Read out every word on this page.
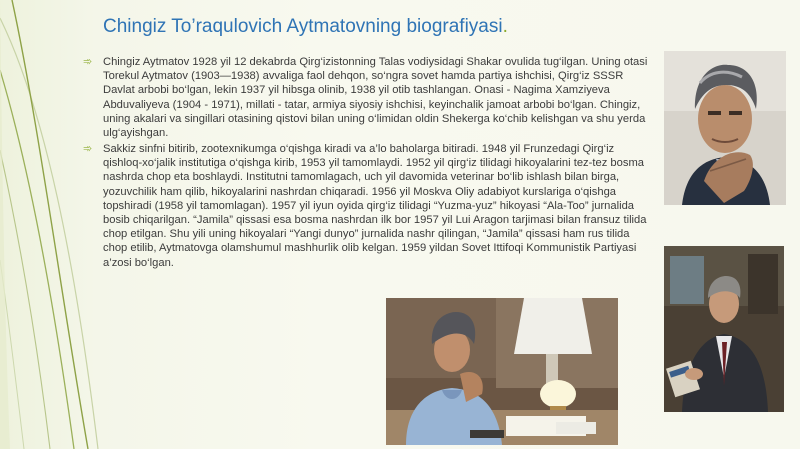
Chingiz To’raqulovich Aytmatovning biografiyasi.
➾ Chingiz Aytmatov 1928 yil 12 dekabrda Qirg‘izistonning Talas vodiysidagi Shakar ovulida tug‘ilgan. Uning otasi Torekul Aytmatov (1903—1938) avvaliga faol dehqon, so‘ngra sovet hamda partiya ishchisi, Qirg‘iz SSSR Davlat arbobi bo‘lgan, lekin 1937 yil hibsga olinib, 1938 yil otib tashlangan. Onasi - Nagima Xamziyeva Abduvaliyeva (1904 - 1971), millati - tatar, armiya siyosiy ishchisi, keyinchalik jamoat arbobi bo‘lgan. Chingiz, uning akalari va singillari otasining qistovi bilan uning o‘limidan oldin Shekerga ko‘chib kelishgan va shu yerda ulg‘ayishgan.

➾ Sakkiz sinfni bitirib, zootexnikumga o‘qishga kiradi va a’lo baholarga bitiradi. 1948 yil Frunzedagi Qirg‘iz qishloq-xo‘jalik institutiga o‘qishga kirib, 1953 yil tamomlaydi. 1952 yil qirg‘iz tilidagi hikoyalarini tez-tez bosma nashrda chop eta boshlaydi. Institutni tamomlagach, uch yil davomida veterinar bo‘lib ishlash bilan birga, yozuvchilik ham qilib, hikoyalarini nashrdan chiqaradi. 1956 yil Moskva Oliy adabiyot kurslariga o‘qishga topshiradi (1958 yil tamomlagan). 1957 yil iyun oyida qirg‘iz tilidagi “Yuzma-yuz” hikoyasi “Ala-Too” jurnalida bosib chiqarilgan. “Jamila” qissasi esa bosma nashrdan ilk bor 1957 yil Lui Aragon tarjimasi bilan fransuz tilida chop etilgan. Shu yili uning hikoyalari “Yangi dunyo” jurnalida nashr qilingan, “Jamila” qissasi ham rus tilida chop etilib, Aytmatovga olamshumul mashhurlik olib kelgan. 1959 yildan Sovet Ittifoqi Kommunistik Partiyasi a’zosi bo‘lgan.
